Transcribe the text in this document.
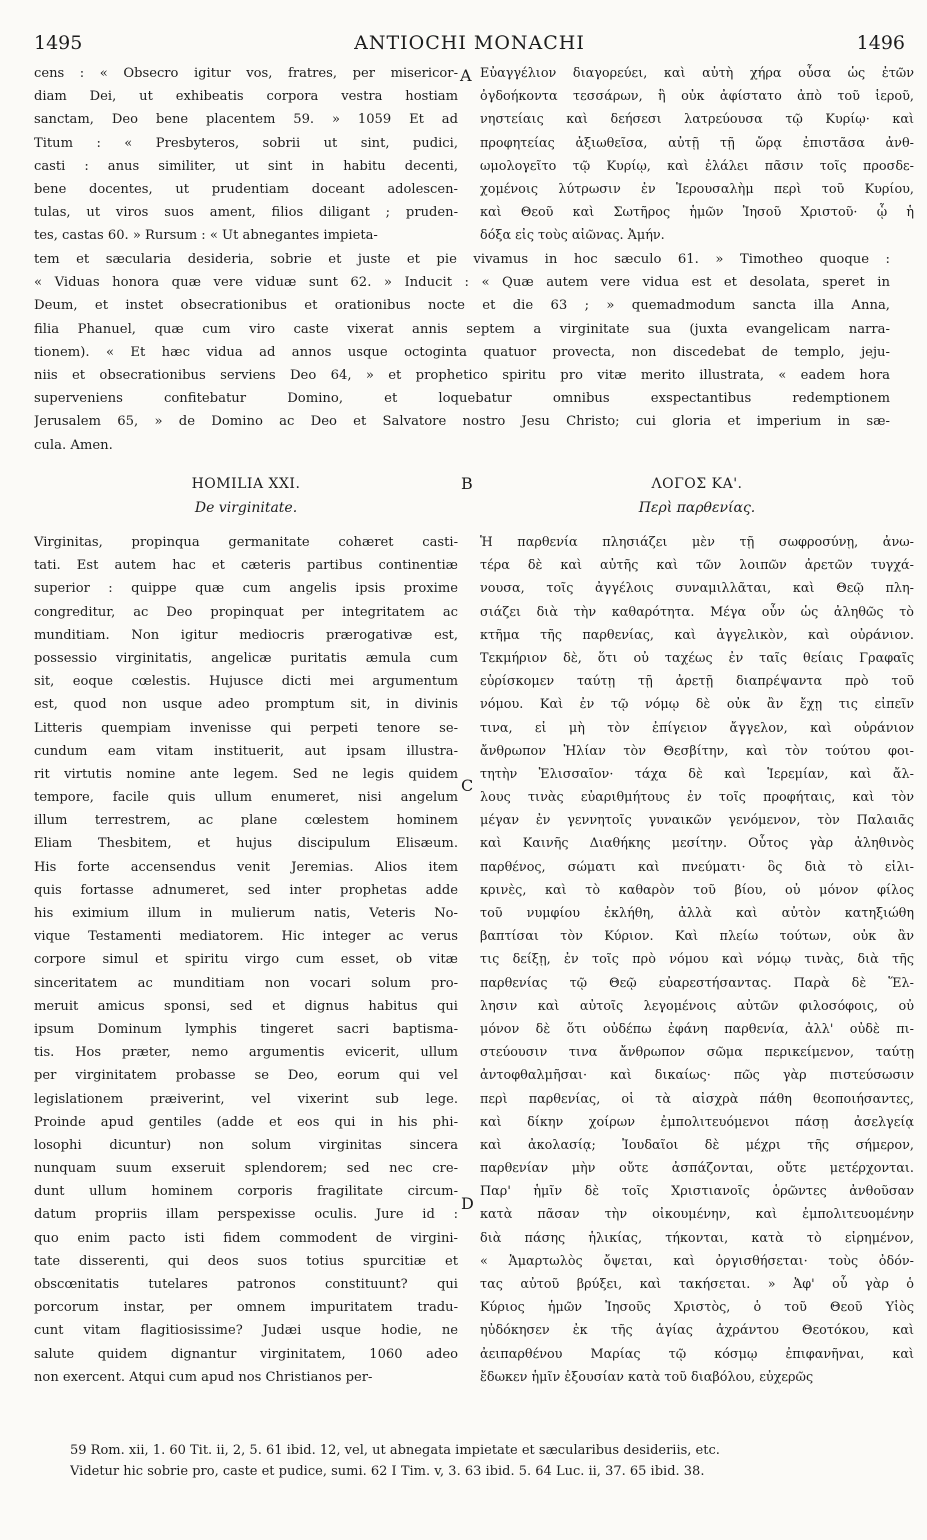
1495	ANTIOCHI MONACHI	1496
A
B
C
D
cens : « Obsecro igitur vos, fratres, per misericor-
diam Dei, ut exhibeatis corpora vestra hostiam
sanctam, Deo bene placentem 59. » 1059 Et ad
Titum : « Presbyteros, sobrii ut sint, pudici,
casti : anus similiter, ut sint in habitu decenti,
bene docentes, ut prudentiam doceant adolescen-
tulas, ut viros suos ament, filios diligant ; pruden-
tes, castas 60. » Rursum : « Ut abnegantes impieta-
Εὐαγγέλιον διαγορεύει, καὶ αὐτὴ χήρα οὖσα ὡς ἐτῶν
ὀγδοήκοντα τεσσάρων, ἣ οὐκ ἀφίστατο ἀπὸ τοῦ ἱεροῦ,
νηστείαις καὶ δεήσεσι λατρεύουσα τῷ Κυρίῳ· καὶ
προφητείας ἀξιωθεῖσα, αὐτῇ τῇ ὥρᾳ ἐπιστᾶσα ἀνθ-
ωμολογεῖτο τῷ Κυρίῳ, καὶ ἐλάλει πᾶσιν τοῖς προσδε-
χομένοις λύτρωσιν ἐν Ἱερουσαλὴμ περὶ τοῦ Κυρίου,
καὶ Θεοῦ καὶ Σωτῆρος ἡμῶν Ἰησοῦ Χριστοῦ· ᾧ ἡ
δόξα εἰς τοὺς αἰῶνας. Ἀμήν.
tem et sæcularia desideria, sobrie et juste et pie vivamus in hoc sæculo 61. » Timotheo quoque :
« Viduas honora quæ vere viduæ sunt 62. » Inducit : « Quæ autem vere vidua est et desolata, speret in
Deum, et instet obsecrationibus et orationibus nocte et die 63 ; » quemadmodum sancta illa Anna,
filia Phanuel, quæ cum viro caste vixerat annis septem a virginitate sua (juxta evangelicam narra-
tionem). « Et hæc vidua ad annos usque octoginta quatuor provecta, non discedebat de templo, jeju-
niis et obsecrationibus serviens Deo 64, » et prophetico spiritu pro vitæ merito illustrata, « eadem hora
superveniens confitebatur Domino, et loquebatur omnibus exspectantibus redemptionem
Jerusalem 65, » de Domino ac Deo et Salvatore nostro Jesu Christo; cui gloria et imperium in sæ-
cula. Amen.
HOMILIA XXI.
De virginitate.
ΛΟΓΟΣ ΚΑ'.
Περὶ παρθενίας.
Virginitas, propinqua germanitate cohæret casti-
tati. Est autem hac et cæteris partibus continentiæ
superior : quippe quæ cum angelis ipsis proxime
congreditur, ac Deo propinquat per integritatem ac
munditiam. Non igitur mediocris prærogativæ est,
possessio virginitatis, angelicæ puritatis æmula cum
sit, eoque cœlestis. Hujusce dicti mei argumentum
est, quod non usque adeo promptum sit, in divinis
Litteris quempiam invenisse qui perpeti tenore se-
cundum eam vitam instituerit, aut ipsam illustra-
rit virtutis nomine ante legem. Sed ne legis quidem
tempore, facile quis ullum enumeret, nisi angelum
illum terrestrem, ac plane cœlestem hominem
Eliam Thesbitem, et hujus discipulum Elisæum.
His forte accensendus venit Jeremias. Alios item
quis fortasse adnumeret, sed inter prophetas adde
his eximium illum in mulierum natis, Veteris No-
vique Testamenti mediatorem. Hic integer ac verus
corpore simul et spiritu virgo cum esset, ob vitæ
sinceritatem ac munditiam non vocari solum pro-
meruit amicus sponsi, sed et dignus habitus qui
ipsum Dominum lymphis tingeret sacri baptisma-
tis. Hos præter, nemo argumentis evicerit, ullum
per virginitatem probasse se Deo, eorum qui vel
legislationem præiverint, vel vixerint sub lege.
Proinde apud gentiles (adde et eos qui in his phi-
losophi dicuntur) non solum virginitas sincera
nunquam suum exseruit splendorem; sed nec cre-
dunt ullum hominem corporis fragilitate circum-
datum propriis illam perspexisse oculis. Jure id :
quo enim pacto isti fidem commodent de virgini-
tate disserenti, qui deos suos totius spurcitiæ et
obscœnitatis tutelares patronos constituunt? qui
porcorum instar, per omnem impuritatem tradu-
cunt vitam flagitiosissime? Judæi usque hodie, ne
salute quidem dignantur virginitatem, 1060 adeo
non exercent. Atqui cum apud nos Christianos per-
Ἡ παρθενία πλησιάζει μὲν τῇ σωφροσύνῃ, ἀνω-
τέρα δὲ καὶ αὐτῆς καὶ τῶν λοιπῶν ἀρετῶν τυγχά-
νουσα, τοῖς ἀγγέλοις συναμιλλᾶται, καὶ Θεῷ πλη-
σιάζει διὰ τὴν καθαρότητα. Μέγα οὖν ὡς ἀληθῶς τὸ
κτῆμα τῆς παρθενίας, καὶ ἀγγελικὸν, καὶ οὐράνιον.
Τεκμήριον δὲ, ὅτι οὐ ταχέως ἐν ταῖς θείαις Γραφαῖς
εὑρίσκομεν ταύτῃ τῇ ἀρετῇ διαπρέψαντα πρὸ τοῦ
νόμου. Καὶ ἐν τῷ νόμῳ δὲ οὐκ ἂν ἔχῃ τις εἰπεῖν
τινα, εἰ μὴ τὸν ἐπίγειον ἄγγελον, καὶ οὐράνιον
ἄνθρωπον Ἠλίαν τὸν Θεσβίτην, καὶ τὸν τούτου φοι-
τητὴν Ἐλισσαῖον· τάχα δὲ καὶ Ἱερεμίαν, καὶ ἄλ-
λους τινὰς εὐαριθμήτους ἐν τοῖς προφήταις, καὶ τὸν
μέγαν ἐν γεννητοῖς γυναικῶν γενόμενον, τὸν Παλαιᾶς
καὶ Καινῆς Διαθήκης μεσίτην. Οὗτος γὰρ ἀληθινὸς
παρθένος, σώματι καὶ πνεύματι· ὃς διὰ τὸ εἰλι-
κρινὲς, καὶ τὸ καθαρὸν τοῦ βίου, οὐ μόνον φίλος
τοῦ νυμφίου ἐκλήθη, ἀλλὰ καὶ αὐτὸν κατηξιώθη
βαπτίσαι τὸν Κύριον. Καὶ πλείω τούτων, οὐκ ἂν
τις δείξῃ, ἐν τοῖς πρὸ νόμου καὶ νόμῳ τινὰς, διὰ τῆς
παρθενίας τῷ Θεῷ εὐαρεστήσαντας. Παρὰ δὲ Ἕλ-
λησιν καὶ αὐτοῖς λεγομένοις αὐτῶν φιλοσόφοις, οὐ
μόνον δὲ ὅτι οὐδέπω ἐφάνη παρθενία, ἀλλ' οὐδὲ πι-
στεύουσιν τινα ἄνθρωπον σῶμα περικείμενον, ταύτῃ
ἀντοφθαλμῆσαι· καὶ δικαίως· πῶς γὰρ πιστεύσωσιν
περὶ παρθενίας, οἱ τὰ αἰσχρὰ πάθη θεοποιήσαντες,
καὶ δίκην χοίρων ἐμπολιτευόμενοι πάσῃ ἀσελγείᾳ
καὶ ἀκολασίᾳ; Ἰουδαῖοι δὲ μέχρι τῆς σήμερον,
παρθενίαν μὴν οὔτε ἀσπάζονται, οὔτε μετέρχονται.
Παρ' ἡμῖν δὲ τοῖς Χριστιανοῖς ὁρῶντες ἀνθοῦσαν
κατὰ πᾶσαν τὴν οἰκουμένην, καὶ ἐμπολιτευομένην
διὰ πάσης ἡλικίας, τήκονται, κατὰ τὸ εἰρημένον,
« Ἁμαρτωλὸς ὄψεται, καὶ ὀργισθήσεται· τοὺς ὀδόν-
τας αὐτοῦ βρύξει, καὶ τακήσεται. » Ἀφ' οὗ γὰρ ὁ
Κύριος ἡμῶν Ἰησοῦς Χριστὸς, ὁ τοῦ Θεοῦ Υἱὸς
ηὐδόκησεν ἐκ τῆς ἁγίας ἀχράντου Θεοτόκου, καὶ
ἀειπαρθένου Μαρίας τῷ κόσμῳ ἐπιφανῆναι, καὶ
ἔδωκεν ἡμῖν ἐξουσίαν κατὰ τοῦ διαβόλου, εὐχερῶς
59 Rom. xii, 1. 60 Tit. ii, 2, 5. 61 ibid. 12, vel, ut abnegata impietate et sæcularibus desideriis, etc.
Videtur hic sobrie pro, caste et pudice, sumi. 62 I Tim. v, 3. 63 ibid. 5. 64 Luc. ii, 37. 65 ibid. 38.
